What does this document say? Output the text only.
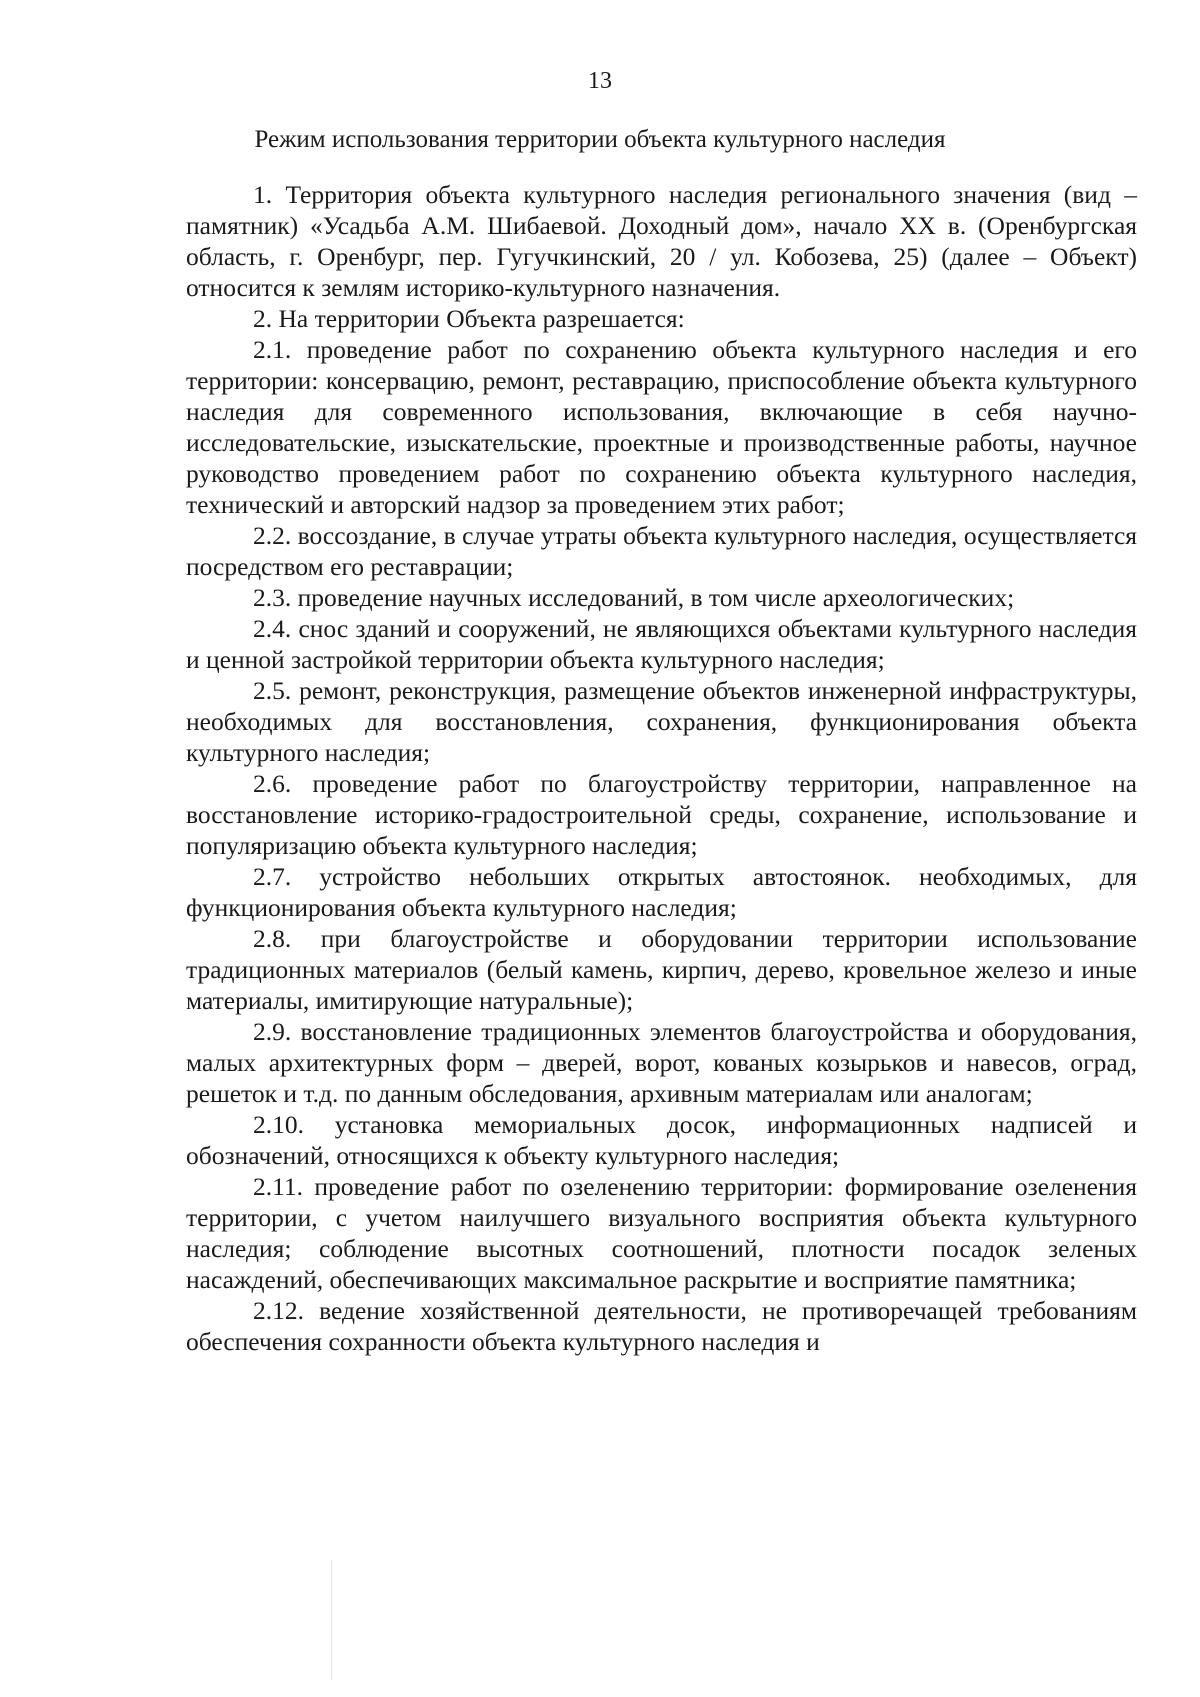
13
Режим использования территории объекта культурного наследия

1. Территория объекта культурного наследия регионального значения (вид – памятник) «Усадьба А.М. Шибаевой. Доходный дом», начало XX в. (Оренбургская область, г. Оренбург, пер. Гугучкинский, 20 / ул. Кобозева, 25) (далее – Объект) относится к землям историко-культурного назначения.

2. На территории Объекта разрешается:

2.1. проведение работ по сохранению объекта культурного наследия и его территории: консервацию, ремонт, реставрацию, приспособление объекта культурного наследия для современного использования, включающие в себя научно-исследовательские, изыскательские, проектные и производственные работы, научное руководство проведением работ по сохранению объекта культурного наследия, технический и авторский надзор за проведением этих работ;

2.2. воссоздание, в случае утраты объекта культурного наследия, осуществляется посредством его реставрации;

2.3. проведение научных исследований, в том числе археологических;

2.4. снос зданий и сооружений, не являющихся объектами культурного наследия и ценной застройкой территории объекта культурного наследия;

2.5. ремонт, реконструкция, размещение объектов инженерной инфраструктуры, необходимых для восстановления, сохранения, функционирования объекта культурного наследия;

2.6. проведение работ по благоустройству территории, направленное на восстановление историко-градостроительной среды, сохранение, использование и популяризацию объекта культурного наследия;

2.7. устройство небольших открытых автостоянок. необходимых, для функционирования объекта культурного наследия;

2.8. при благоустройстве и оборудовании территории использование традиционных материалов (белый камень, кирпич, дерево, кровельное железо и иные материалы, имитирующие натуральные);

2.9. восстановление традиционных элементов благоустройства и оборудования, малых архитектурных форм – дверей, ворот, кованых козырьков и навесов, оград, решеток и т.д. по данным обследования, архивным материалам или аналогам;

2.10. установка мемориальных досок, информационных надписей и обозначений, относящихся к объекту культурного наследия;

2.11. проведение работ по озеленению территории: формирование озеленения территории, с учетом наилучшего визуального восприятия объекта культурного наследия; соблюдение высотных соотношений, плотности посадок зеленых насаждений, обеспечивающих максимальное раскрытие и восприятие памятника;

2.12. ведение хозяйственной деятельности, не противоречащей требованиям обеспечения сохранности объекта культурного наследия и
